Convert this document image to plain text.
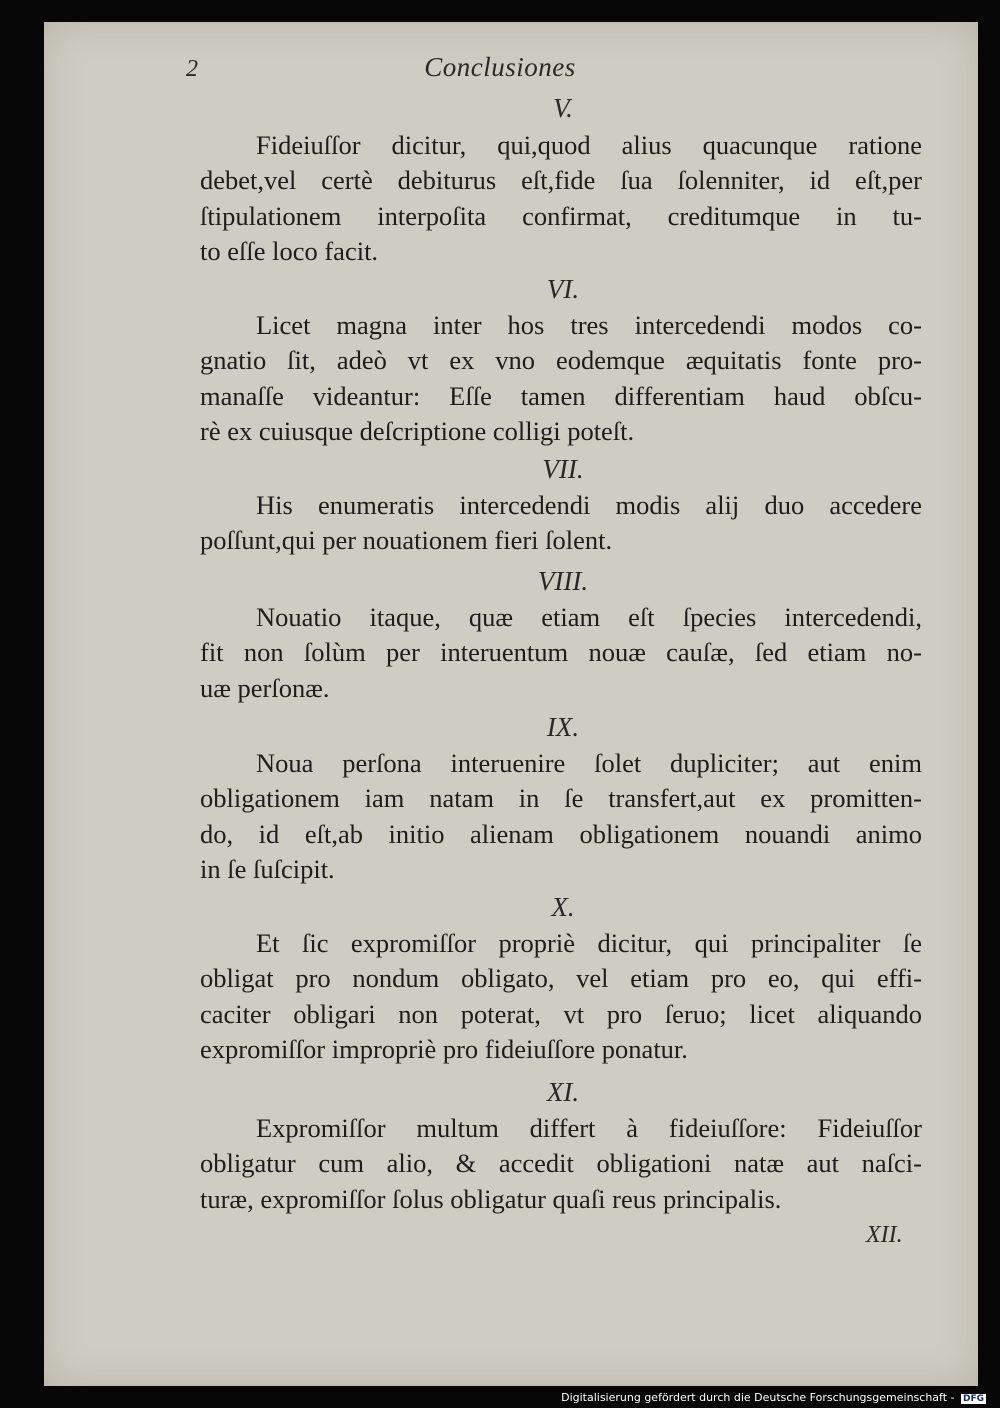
2	Conclusiones
V.
Fideiuſſor dicitur, qui,quod alius quacunque ratione
debet,vel certè debiturus eſt,fide ſua ſolenniter, id eſt,per
ſtipulationem interpoſita confirmat, creditumque in tu-
to eſſe loco facit.
VI.
Licet magna inter hos tres intercedendi modos co-
gnatio ſit, adeò vt ex vno eodemque æquitatis fonte pro-
manaſſe videantur: Eſſe tamen differentiam haud obſcu-
rè ex cuiusque deſcriptione colligi poteſt.
VII.
His enumeratis intercedendi modis alij duo accedere
poſſunt,qui per nouationem fieri ſolent.
VIII.
Nouatio itaque, quæ etiam eſt ſpecies intercedendi,
fit non ſolùm per interuentum nouæ cauſæ, ſed etiam no-
uæ perſonæ.
IX.
Noua perſona interuenire ſolet dupliciter; aut enim
obligationem iam natam in ſe transfert,aut ex promitten-
do, id eſt,ab initio alienam obligationem nouandi animo
in ſe ſuſcipit.
X.
Et ſic expromiſſor propriè dicitur, qui principaliter ſe
obligat pro nondum obligato, vel etiam pro eo, qui effi-
caciter obligari non poterat, vt pro ſeruo; licet aliquando
expromiſſor impropriè pro fideiuſſore ponatur.
XI.
Expromiſſor multum differt à fideiuſſore: Fideiuſſor
obligatur cum alio, & accedit obligationi natæ aut naſci-
turæ, expromiſſor ſolus obligatur quaſi reus principalis.
XII.
Digitalisierung gefördert durch die Deutsche Forschungsgemeinschaft - DFG
